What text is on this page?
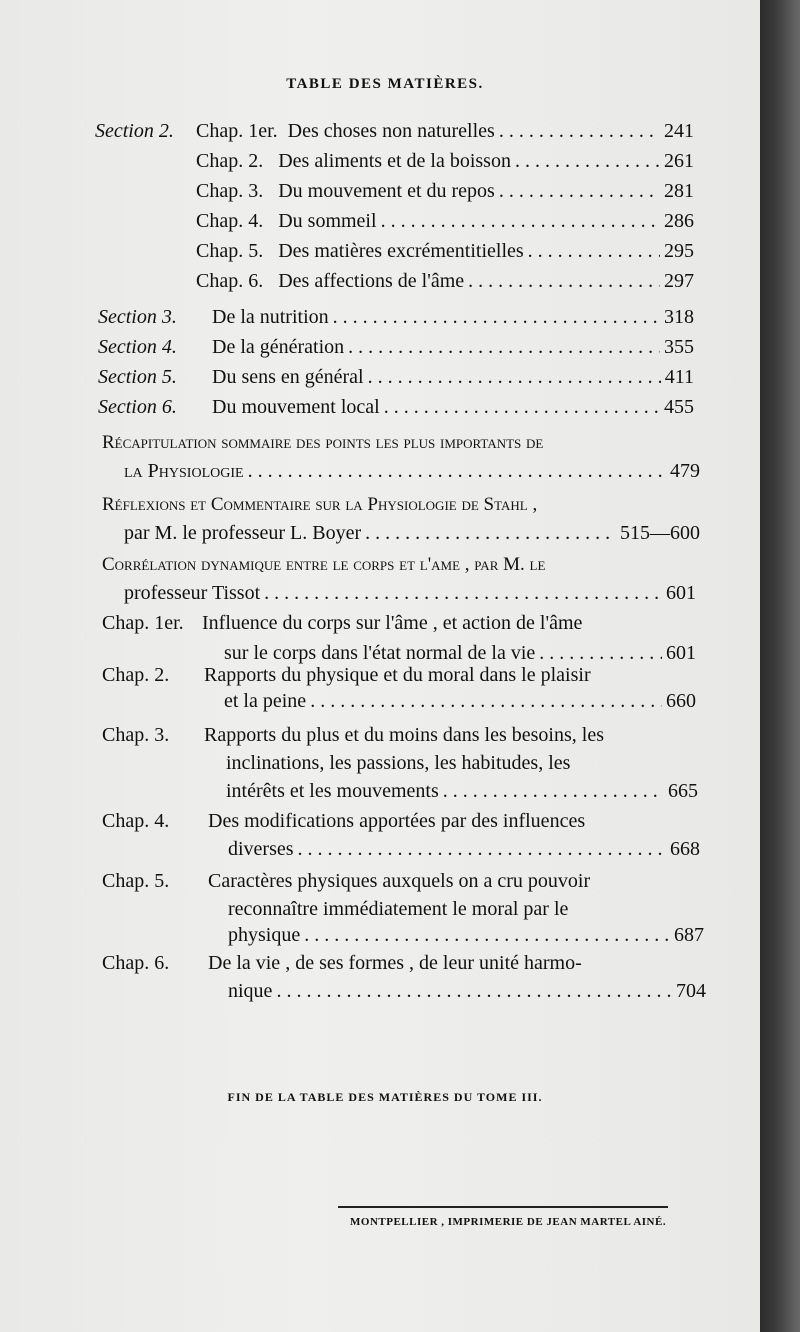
TABLE DES MATIÈRES.
Section 2. Chap. 1er.
Des choses non naturelles . . .	241
Chap. 2.
Des aliments et de la boisson . . .	261
Chap. 3.
Du mouvement et du repos . . .	281
Chap. 4.
Du sommeil . . .	286
Chap. 5.
Des matières excrémentitielles . . .	295
Chap. 6.
Des affections de l'âme . . .	297
Section 3. De la nutrition . . .	318
Section 4. De la génération . . .	355
Section 5. Du sens en général . . .	411
Section 6. Du mouvement local . . .	455
Récapitulation sommaire des points les plus importants de
la Physiologie . . .	479
Réflexions et Commentaire sur la Physiologie de Stahl ,
par M. le professeur L. Boyer . . .	515—600
Corrélation dynamique entre le corps et l'ame , par M. le
professeur Tissot . . .	601
Chap. 1er. Influence du corps sur l'âme , et action de l'âme
sur le corps dans l'état normal de la vie . . .	601
Chap. 2. Rapports du physique et du moral dans le plaisir
et la peine . . .	660
Chap. 3. Rapports du plus et du moins dans les besoins, les
inclinations, les passions, les habitudes, les
intérêts et les mouvements . . .	665
Chap. 4. Des modifications apportées par des influences
diverses . . .	668
Chap. 5. Caractères physiques auxquels on a cru pouvoir
reconnaître immédiatement le moral par le
physique . . .	687
Chap. 6. De la vie , de ses formes , de leur unité harmo-
nique . . .	704
FIN DE LA TABLE DES MATIÈRES DU TOME III.
MONTPELLIER , IMPRIMERIE DE JEAN MARTEL AINÉ.
